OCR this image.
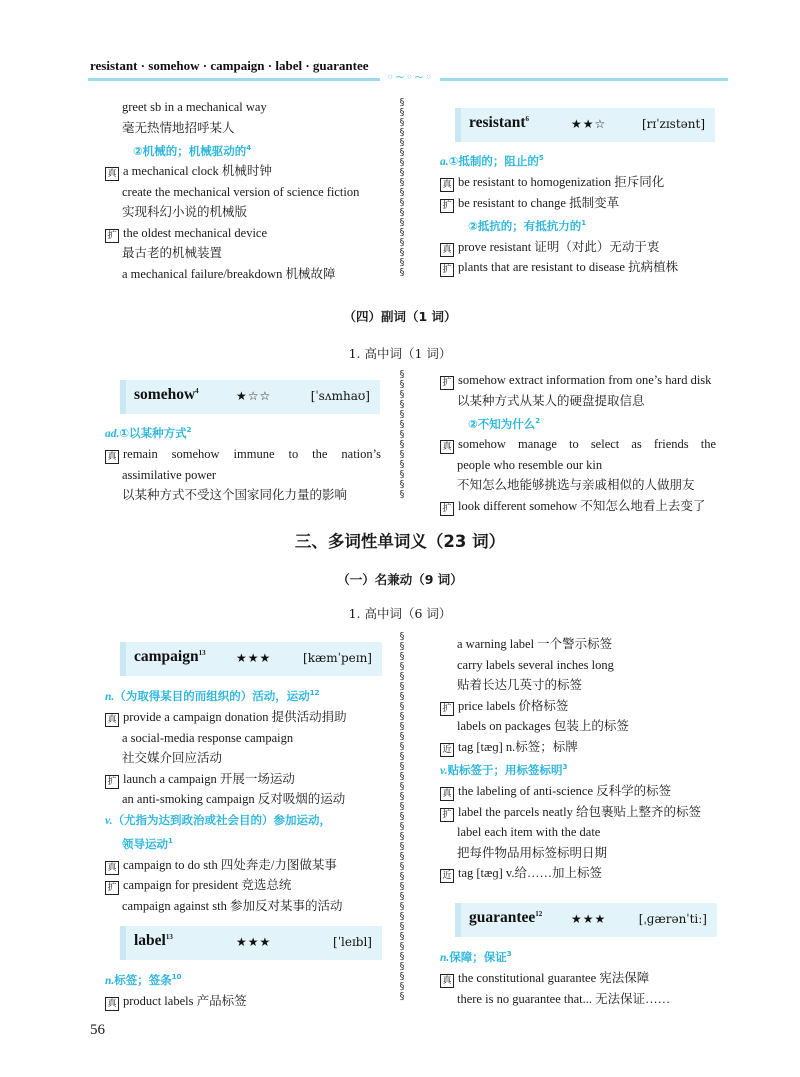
resistant · somehow · campaign · label · guarantee
◦~◦~◦
greet sb in a mechanical way
毫无热情地招呼某人
②机械的；机械驱动的$^4$
真 a mechanical clock 机械时钟
create the mechanical version of science fiction
实现科幻小说的机械版
扩 the oldest mechanical device
最古老的机械装置
a mechanical failure/breakdown 机械故障
§
§
§
§
§
§
§
§
§
§
§
§
§
§
§
§
§
§
resistant$^6$	★★☆	[rɪˈzɪstənt]
a.①抵制的；阻止的$^5$
真 be resistant to homogenization 拒斥同化
扩 be resistant to change 抵制变革
②抵抗的；有抵抗力的$^1$
真 prove resistant 证明（对此）无动于衷
扩 plants that are resistant to disease 抗病植株
（四）副词（1 词）
1. 高中词（1 词）
somehow$^4$	★☆☆	[ˈsʌmhaʊ]
ad.①以某种方式$^2$
真 remain somehow immune to the nation’s
assimilative power
以某种方式不受这个国家同化力量的影响
§
§
§
§
§
§
§
§
§
§
§
§
§
扩 somehow extract information from one’s hard disk
以某种方式从某人的硬盘提取信息
②不知为什么$^2$
真 somehow manage to select as friends the
people who resemble our kin
不知怎么地能够挑选与亲戚相似的人做朋友
扩 look different somehow 不知怎么地看上去变了
三、多词性单词义（23 词）
（一）名兼动（9 词）
1. 高中词（6 词）
campaign$^{13}$	★★★	[kæmˈpeɪn]
n.（为取得某目的而组织的）活动，运动$^{12}$
真 provide a campaign donation 提供活动捐助
a social-media response campaign
社交媒介回应活动
扩 launch a campaign 开展一场运动
an anti-smoking campaign 反对吸烟的运动
v.（尤指为达到政治或社会目的）参加运动，
领导运动$^1$
真 campaign to do sth 四处奔走/力图做某事
扩 campaign for president 竞选总统
campaign against sth 参加反对某事的活动
label$^{13}$	★★★	[ˈleɪbl]
n.标签；签条$^{10}$
真 product labels 产品标签
§
§
§
§
§
§
§
§
§
§
§
§
§
§
§
§
§
§
§
§
§
§
§
§
§
§
§
§
§
§
§
§
§
§
§
§
§
a warning label 一个警示标签
carry labels several inches long
贴着长达几英寸的标签
扩 price labels 价格标签
labels on packages 包装上的标签
近 tag [tæɡ] n.标签；标牌
v.贴标签于；用标签标明$^3$
真 the labeling of anti-science 反科学的标签
扩 label the parcels neatly 给包裹贴上整齐的标签
label each item with the date
把每件物品用标签标明日期
近 tag [tæɡ] v.给……加上标签
guarantee$^{12}$ ★★★	[ˌɡærənˈtiː]
n.保障；保证$^3$
真 the constitutional guarantee 宪法保障
there is no guarantee that... 无法保证……
56
